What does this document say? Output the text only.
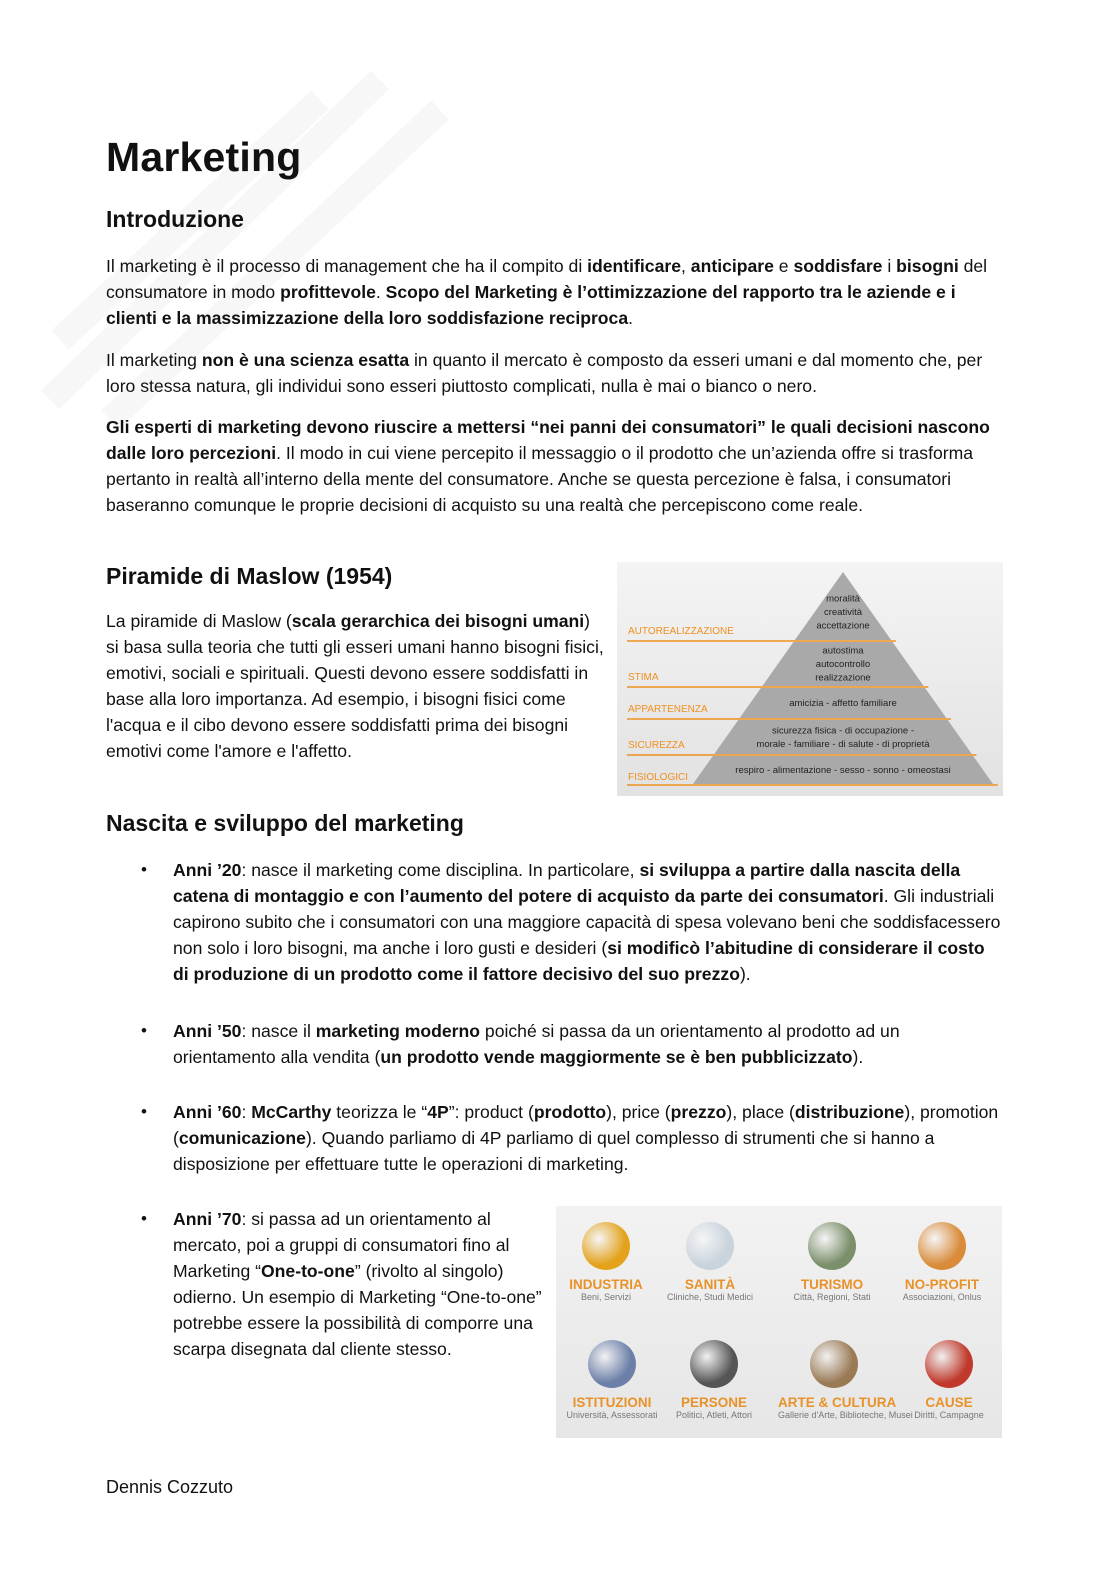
Marketing
Introduzione

Il marketing è il processo di management che ha il compito di identificare, anticipare e soddisfare i bisogni del consumatore in modo profittevole. Scopo del Marketing è l’ottimizzazione del rapporto tra le aziende e i clienti e la massimizzazione della loro soddisfazione reciproca.

Il marketing non è una scienza esatta in quanto il mercato è composto da esseri umani e dal momento che, per loro stessa natura, gli individui sono esseri piuttosto complicati, nulla è mai o bianco o nero.

Gli esperti di marketing devono riuscire a mettersi “nei panni dei consumatori” le quali decisioni nascono dalle loro percezioni. Il modo in cui viene percepito il messaggio o il prodotto che un’azienda offre si trasforma pertanto in realtà all’interno della mente del consumatore. Anche se questa percezione è falsa, i consumatori baseranno comunque le proprie decisioni di acquisto su una realtà che percepiscono come reale.

Piramide di Maslow (1954)

La piramide di Maslow (scala gerarchica dei bisogni umani) si basa sulla teoria che tutti gli esseri umani hanno bisogni fisici, emotivi, sociali e spirituali. Questi devono essere soddisfatti in base alla loro importanza. Ad esempio, i bisogni fisici come l'acqua e il cibo devono essere soddisfatti prima dei bisogni emotivi come l'amore e l'affetto.

AUTOREALIZZAZIONE
STIMA
APPARTENENZA
SICUREZZA
FISIOLOGICI
moralità
creatività
accettazione
autostima
autocontrollo
realizzazione
amicizia - affetto familiare
sicurezza fisica - di occupazione -
morale - familiare - di salute - di proprietà
respiro - alimentazione - sesso - sonno - omeostasi
Nascita e sviluppo del marketing
• Anni ’20: nasce il marketing come disciplina. In particolare, si sviluppa a partire dalla nascita della catena di montaggio e con l’aumento del potere di acquisto da parte dei consumatori. Gli industriali capirono subito che i consumatori con una maggiore capacità di spesa volevano beni che soddisfacessero non solo i loro bisogni, ma anche i loro gusti e desideri (si modificò l’abitudine di considerare il costo di produzione di un prodotto come il fattore decisivo del suo prezzo).
• Anni ’50: nasce il marketing moderno poiché si passa da un orientamento al prodotto ad un orientamento alla vendita (un prodotto vende maggiormente se è ben pubblicizzato).
• Anni ’60: McCarthy teorizza le “4P”: product (prodotto), price (prezzo), place (distribuzione), promotion (comunicazione). Quando parliamo di 4P parliamo di quel complesso di strumenti che si hanno a disposizione per effettuare tutte le operazioni di marketing.
• Anni ’70: si passa ad un orientamento al mercato, poi a gruppi di consumatori fino al Marketing “One-to-one” (rivolto al singolo) odierno. Un esempio di Marketing “One-to-one” potrebbe essere la possibilità di comporre una scarpa disegnata dal cliente stesso.
INDUSTRIA
Beni, Servizi
SANITÀ
Cliniche, Studi Medici
TURISMO
Città, Regioni, Stati
NO-PROFIT
Associazioni, Onlus
ISTITUZIONI
Università, Assessorati
PERSONE
Politici, Atleti, Attori
ARTE & CULTURA
Gallerie d'Arte, Biblioteche, Musei
CAUSE
Diritti, Campagne
Dennis Cozzuto
